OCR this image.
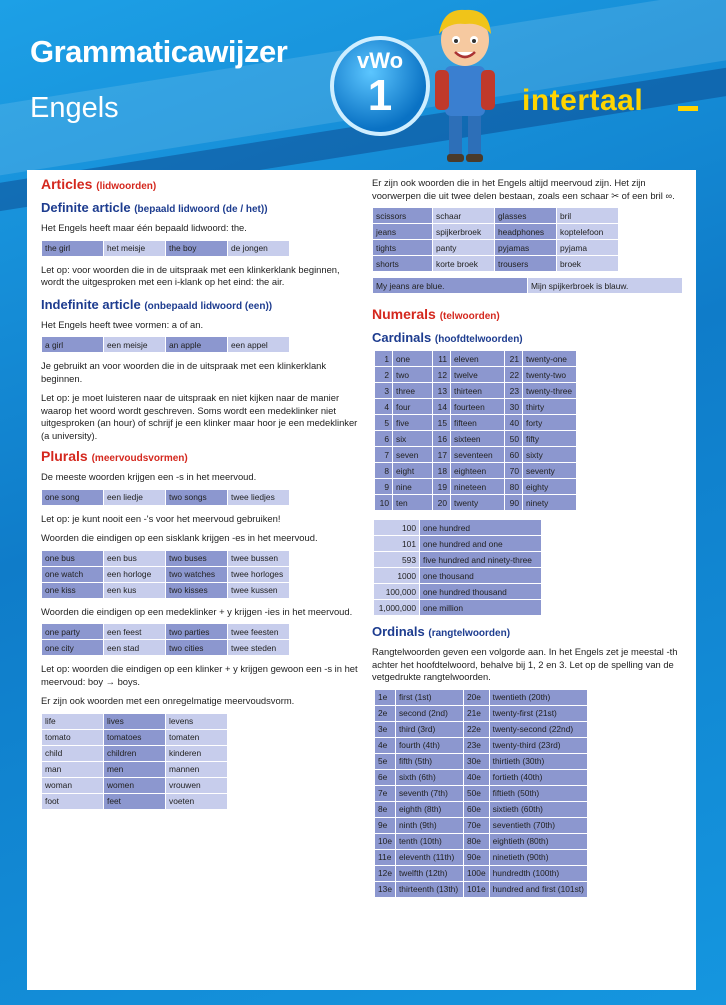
Grammaticawijzer
Engels
vWo
1	intertaal
Articles (lidwoorden)
Definite article (bepaald lidwoord (de / het))
Het Engels heeft maar één bepaald lidwoord: the.
the girl	het meisje	the boy	de jongen
Let op: voor woorden die in de uitspraak met een klinkerklank beginnen, wordt the uitgesproken met een i-klank op het eind: the air.
Indefinite article (onbepaald lidwoord (een))
Het Engels heeft twee vormen: a of an.
a girl	een meisje	an apple	een appel
Je gebruikt an voor woorden die in de uitspraak met een klinkerklank beginnen.
Let op: je moet luisteren naar de uitspraak en niet kijken naar de manier waarop het woord wordt geschreven. Soms wordt een medeklinker niet uitgesproken (an hour) of schrijf je een klinker maar hoor je een medeklinker (a university).
Plurals (meervoudsvormen)
De meeste woorden krijgen een -s in het meervoud.
one song	een liedje	two songs	twee liedjes
Let op: je kunt nooit een -'s voor het meervoud gebruiken!
Woorden die eindigen op een sisklank krijgen -es in het meervoud.
one bus	een bus	two buses	twee bussen
one watch	een horloge	two watches	twee horloges
one kiss	een kus	two kisses	twee kussen
Woorden die eindigen op een medeklinker + y krijgen -ies in het meervoud.
one party	een feest	two parties	twee feesten
one city	een stad	two cities	twee steden
Let op: woorden die eindigen op een klinker + y krijgen gewoon een -s in het meervoud: boy → boys.
Er zijn ook woorden met een onregelmatige meervoudsvorm.
life	lives	levens
tomato	tomatoes	tomaten
child	children	kinderen
man	men	mannen
woman	women	vrouwen
foot	feet	voeten
Er zijn ook woorden die in het Engels altijd meervoud zijn. Het zijn voorwerpen die uit twee delen bestaan, zoals een schaar ✂ of een bril ∞.
scissors	schaar	glasses	bril
jeans	spijkerbroek	headphones	koptelefoon
tights	panty	pyjamas	pyjama
shorts	korte broek	trousers	broek
My jeans are blue.	Mijn spijkerbroek is blauw.
Numerals (telwoorden)
Cardinals (hoofdtelwoorden)
1	one	11	eleven	21	twenty-one
2	two	12	twelve	22	twenty-two
3	three	13	thirteen	23	twenty-three
4	four	14	fourteen	30	thirty
5	five	15	fifteen	40	forty
6	six	16	sixteen	50	fifty
7	seven	17	seventeen	60	sixty
8	eight	18	eighteen	70	seventy
9	nine	19	nineteen	80	eighty
10	ten	20	twenty	90	ninety
100	one hundred
101	one hundred and one
593	five hundred and ninety-three
1000	one thousand
100,000	one hundred thousand
1,000,000	one million
Ordinals (rangtelwoorden)
Rangtelwoorden geven een volgorde aan. In het Engels zet je meestal -th achter het hoofdtelwoord, behalve bij 1, 2 en 3. Let op de spelling van de vetgedrukte rangtelwoorden.
1e	first (1st)	20e	twentieth (20th)
2e	second (2nd)	21e	twenty-first (21st)
3e	third (3rd)	22e	twenty-second (22nd)
4e	fourth (4th)	23e	twenty-third (23rd)
5e	fifth (5th)	30e	thirtieth (30th)
6e	sixth (6th)	40e	fortieth (40th)
7e	seventh (7th)	50e	fiftieth (50th)
8e	eighth (8th)	60e	sixtieth (60th)
9e	ninth (9th)	70e	seventieth (70th)
10e	tenth (10th)	80e	eightieth (80th)
11e	eleventh (11th)	90e	ninetieth (90th)
12e	twelfth (12th)	100e	hundredth (100th)
13e	thirteenth (13th)	101e	hundred and first (101st)
